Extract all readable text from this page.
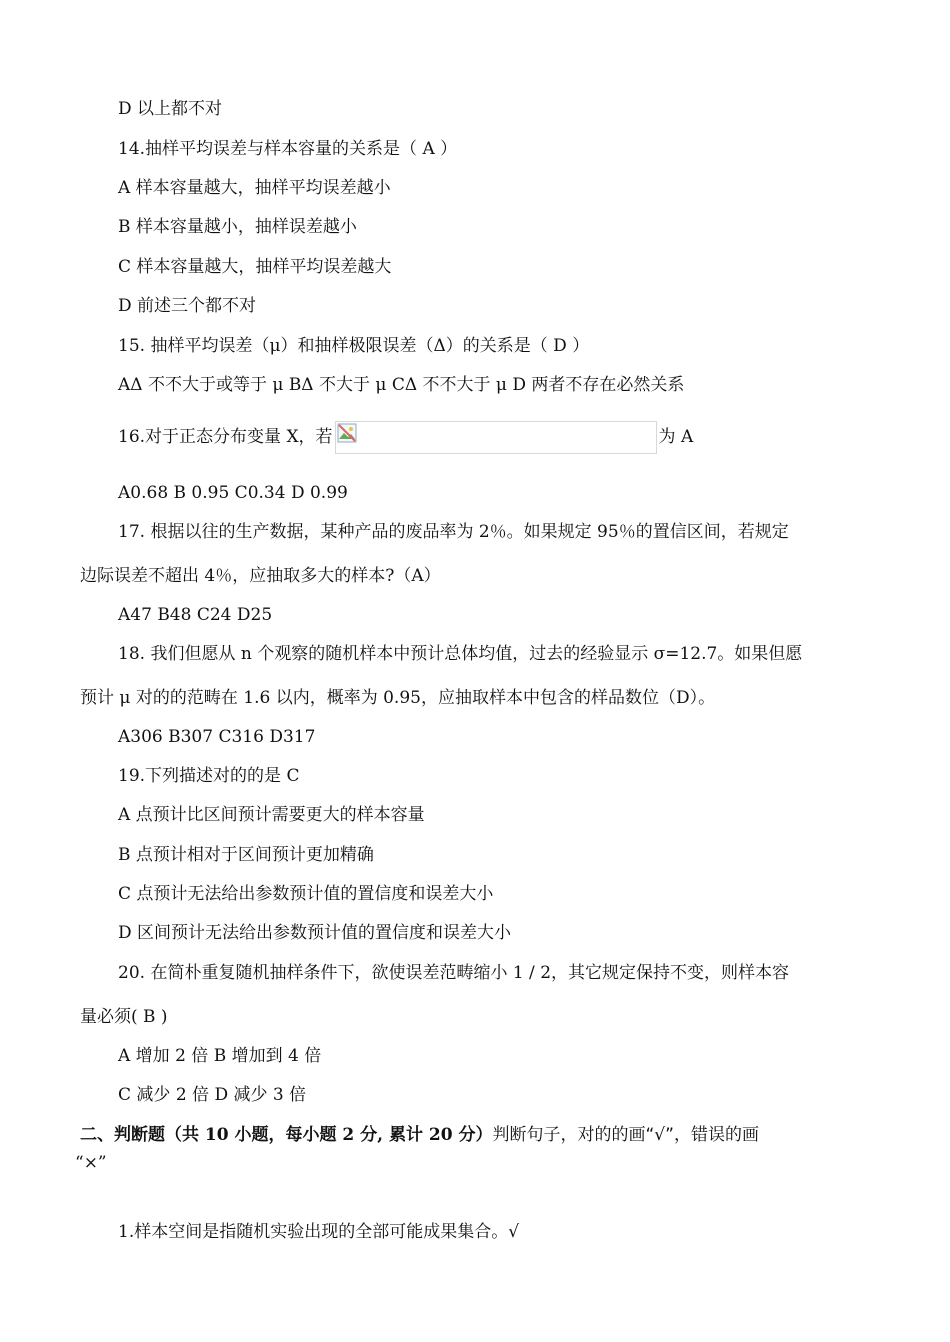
D 以上都不对
14.抽样平均误差与样本容量的关系是（ A ）
A 样本容量越大，抽样平均误差越小
B 样本容量越小，抽样误差越小
C 样本容量越大，抽样平均误差越大
D 前述三个都不对
15. 抽样平均误差（μ）和抽样极限误差（Δ）的关系是（ D ）
AΔ 不不大于或等于 μ BΔ 不大于 μ CΔ 不不大于 μ D 两者不存在必然关系
16.对于正态分布变量 X，若	为 A
A0.68 B 0.95 C0.34 D 0.99
17. 根据以往的生产数据，某种产品的废品率为 2％。如果规定 95％的置信区间，若规定
边际误差不超出 4％，应抽取多大的样本?（A）
A47 B48 C24 D25
18. 我们但愿从 n 个观察的随机样本中预计总体均值，过去的经验显示 σ=12.7。如果但愿
预计 μ 对的的范畴在 1.6 以内，概率为 0.95，应抽取样本中包含的样品数位（D）。
A306 B307 C316 D317
19.下列描述对的的是 C
A 点预计比区间预计需要更大的样本容量
B 点预计相对于区间预计更加精确
C 点预计无法给出参数预计值的置信度和误差大小
D 区间预计无法给出参数预计值的置信度和误差大小
20. 在简朴重复随机抽样条件下，欲使误差范畴缩小 1 / 2，其它规定保持不变，则样本容
量必须( B )
A 增加 2 倍 B 增加到 4 倍
C 减少 2 倍 D 减少 3 倍
二、判断题（共 10 小题，每小题 2 分, 累计 20 分）判断句子，对的的画“√”，错误的画
“×”
1.样本空间是指随机实验出现的全部可能成果集合。√
